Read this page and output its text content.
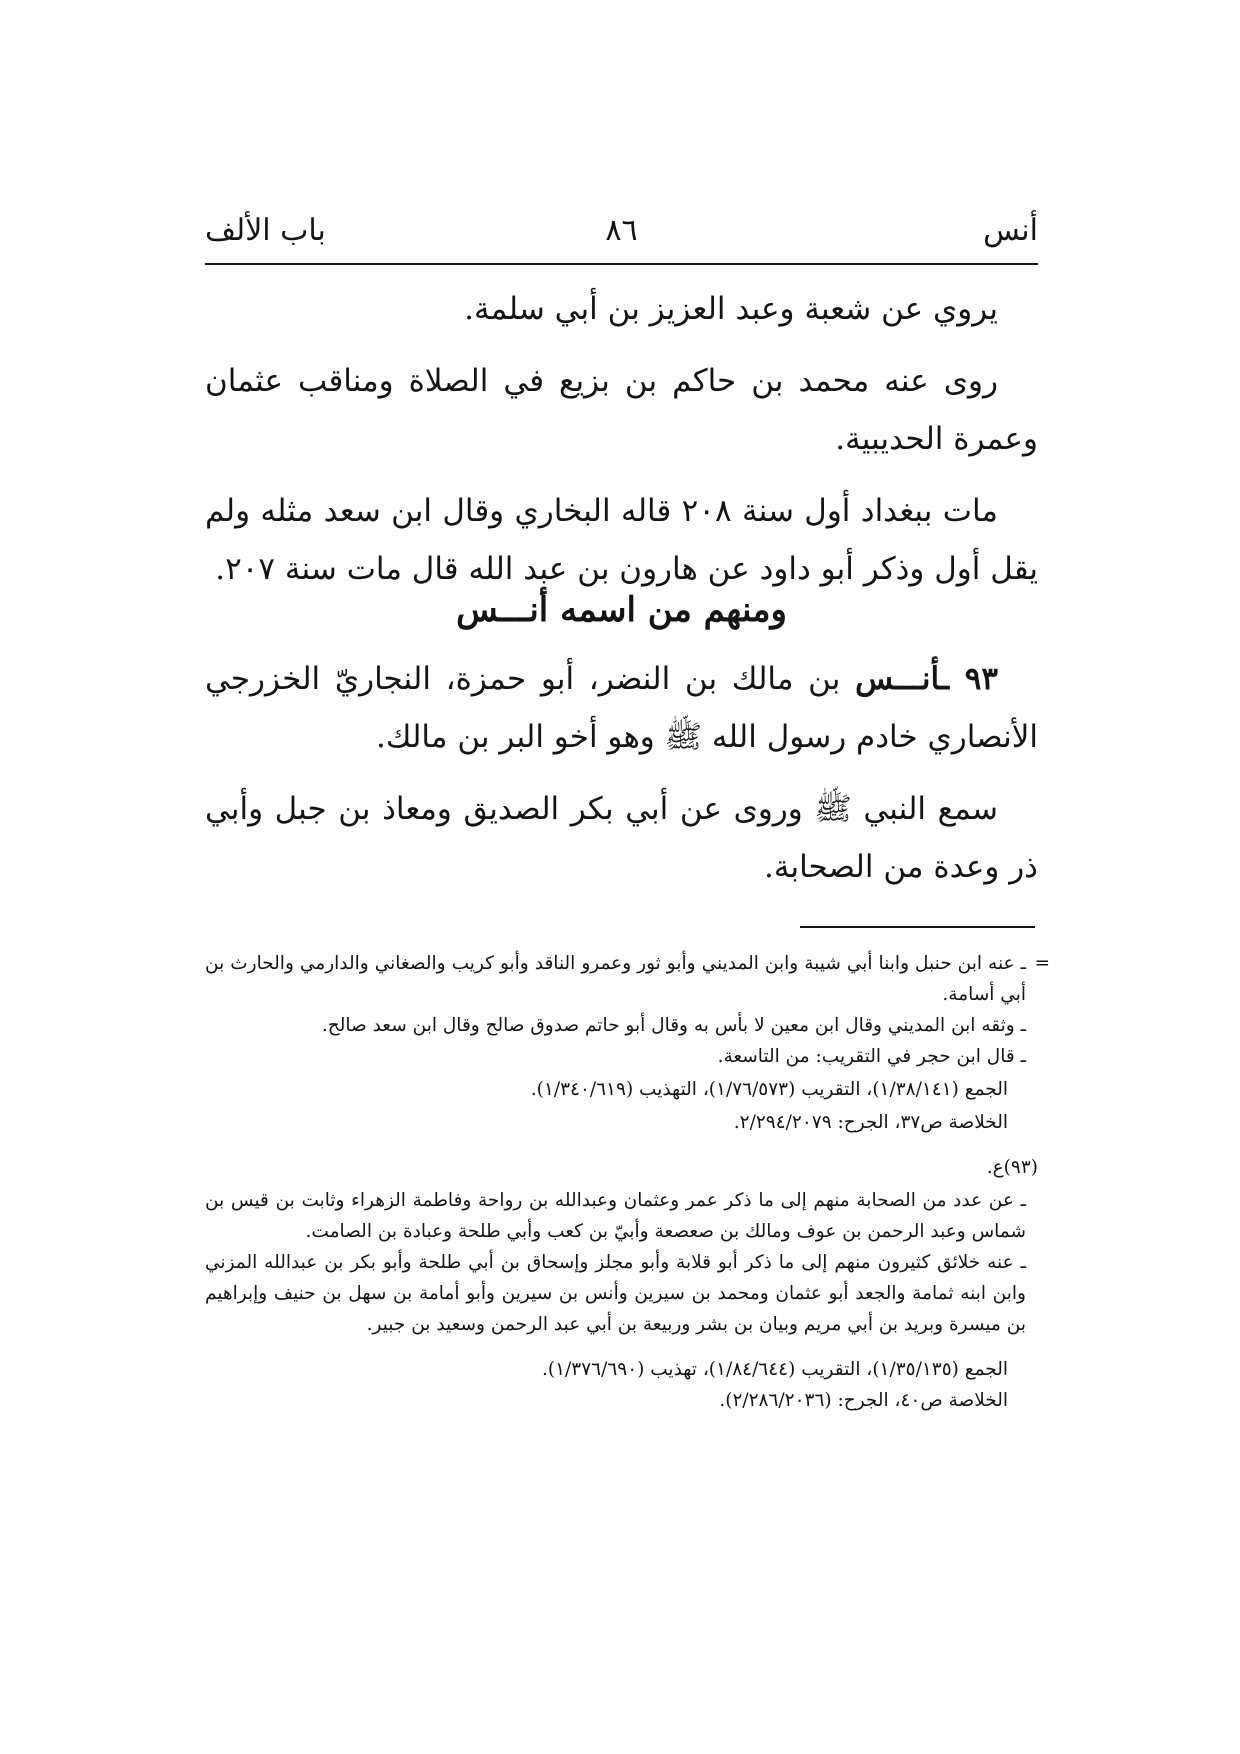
أنس
٨٦
باب الألف

يروي عن شعبة وعبد العزيز بن أبي سلمة.

روى عنه محمد بن حاكم بن بزيع في الصلاة ومناقب عثمان وعمرة الحديبية.

مات ببغداد أول سنة ٢٠٨ قاله البخاري وقال ابن سعد مثله ولم يقل أول وذكر أبو داود عن هارون بن عبد الله قال مات سنة ٢٠٧.

ومنهم من اسمه أنـــس

٩٣ ـأنـــس بن مالك بن النضر، أبو حمزة، النجاريّ الخزرجي الأنصاري خادم رسول الله ﷺ وهو أخو البر بن مالك.

سمع النبي ﷺ وروى عن أبي بكر الصديق ومعاذ بن جبل وأبي ذر وعدة من الصحابة.

=

ـ عنه ابن حنبل وابنا أبي شيبة وابن المديني وأبو ثور وعمرو الناقد وأبو كريب والصغاني والدارمي والحارث بن أبي أسامة.

ـ وثقه ابن المديني وقال ابن معين لا بأس به وقال أبو حاتم صدوق صالح وقال ابن سعد صالح.

ـ قال ابن حجر في التقريب: من التاسعة.

الجمع (١/٣٨/١٤١)، التقريب (١/٧٦/٥٧٣)، التهذيب (١/٣٤٠/٦١٩).

الخلاصة ص٣٧، الجرح: ٢/٢٩٤/٢٠٧٩.

(٩٣)ع.

ـ عن عدد من الصحابة منهم إلى ما ذكر عمر وعثمان وعبدالله بن رواحة وفاطمة الزهراء وثابت بن قيس بن شماس وعبد الرحمن بن عوف ومالك بن صعصعة وأبيّ بن كعب وأبي طلحة وعبادة بن الصامت.

ـ عنه خلائق كثيرون منهم إلى ما ذكر أبو قلابة وأبو مجلز وإسحاق بن أبي طلحة وأبو بكر بن عبدالله المزني وابن ابنه ثمامة والجعد أبو عثمان ومحمد بن سيرين وأنس بن سيرين وأبو أمامة بن سهل بن حنيف وإبراهيم بن ميسرة وبريد بن أبي مريم وبيان بن بشر وربيعة بن أبي عبد الرحمن وسعيد بن جبير.

الجمع (١/٣٥/١٣٥)، التقريب (١/٨٤/٦٤٤)، تهذيب (١/٣٧٦/٦٩٠).

الخلاصة ص٤٠، الجرح: (٢/٢٨٦/٢٠٣٦).
